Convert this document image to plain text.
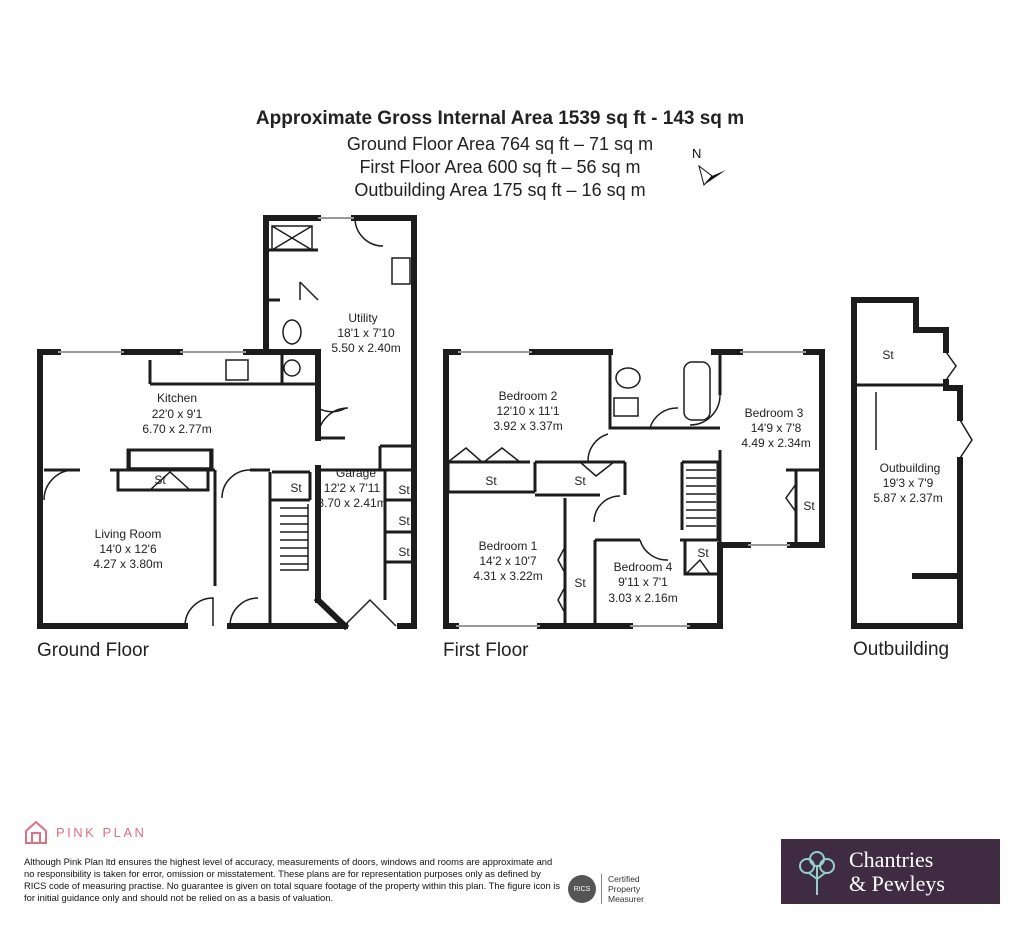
Approximate Gross Internal Area 1539 sq ft - 143 sq m
Ground Floor Area 764 sq ft – 71 sq m
First Floor Area 600 sq ft – 56 sq m
Outbuilding Area 175 sq ft – 16 sq m
N
Utility
18'1 x 7'10
5.50 x 2.40m
Kitchen
22'0 x 9'1
6.70 x 2.77m
Garage
12'2 x 7'11
3.70 x 2.41m
Living Room
14'0 x 12'6
4.27 x 3.80m
Bedroom 2
12'10 x 11'1
3.92 x 3.37m
Bedroom 3
14'9 x 7'8
4.49 x 2.34m
Bedroom 1
14'2 x 10'7
4.31 x 3.22m
Bedroom 4
9'11 x 7'1
3.03 x 2.16m
Outbuilding
19'3 x 7'9
5.87 x 2.37m
St
St	St
St
St
St	St
St
St
St
St
Ground Floor	First Floor	Outbuilding
PINK PLAN
Although Pink Plan ltd ensures the highest level of accuracy, measurements of doors, windows and rooms are approximate and no responsibility is taken for error, omission or misstatement. These plans are for representation purposes only as defined by RICS code of measuring practise. No guarantee is given on total square footage of the property within this plan. The figure icon is for initial guidance only and should not be relied on as a basis of valuation.
RICS
Certified
Property
Measurer
Chantries
& Pewleys
